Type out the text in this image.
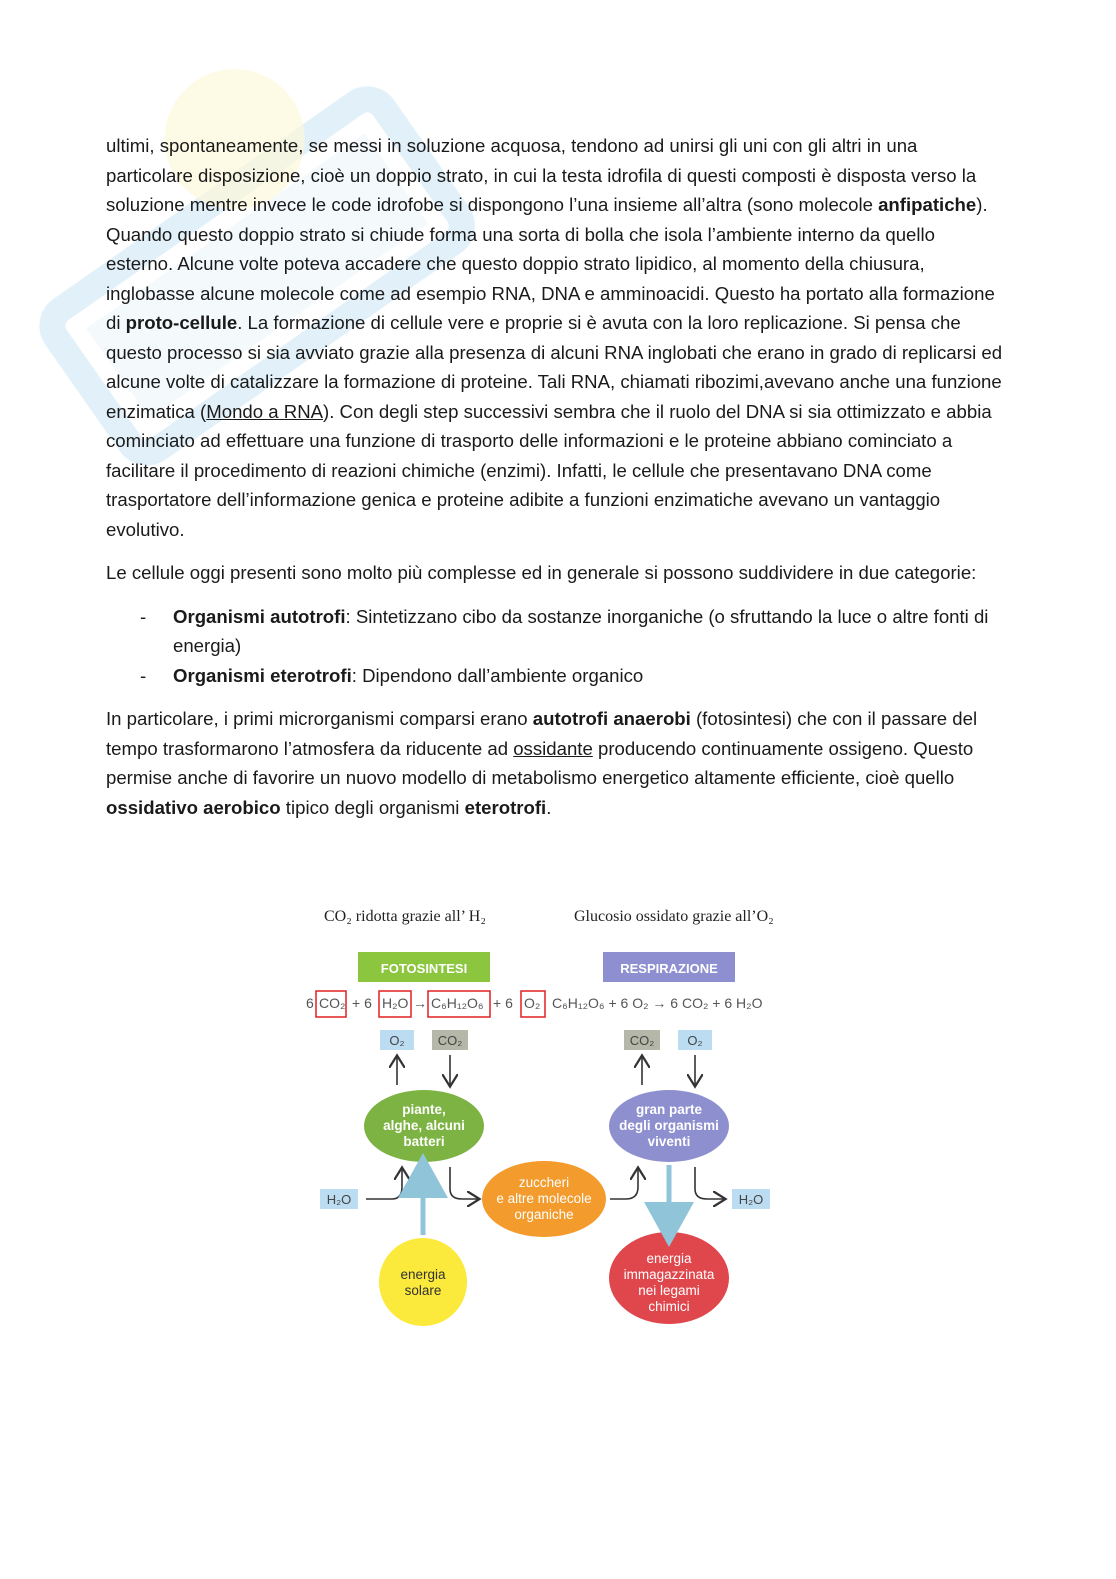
ultimi, spontaneamente, se messi in soluzione acquosa, tendono ad unirsi gli uni con gli altri in una particolare disposizione, cioè un doppio strato, in cui la testa idrofila di questi composti è disposta verso la soluzione mentre invece le code idrofobe si dispongono l’una insieme all’altra (sono molecole anfipatiche). Quando questo doppio strato si chiude forma una sorta di bolla che isola l’ambiente interno da quello esterno. Alcune volte poteva accadere che questo doppio strato lipidico, al momento della chiusura, inglobasse alcune molecole come ad esempio RNA, DNA e amminoacidi. Questo ha portato alla formazione di proto-cellule. La formazione di cellule vere e proprie si è avuta con la loro replicazione. Si pensa che questo processo si sia avviato grazie alla presenza di alcuni RNA inglobati che erano in grado di replicarsi ed alcune volte di catalizzare la formazione di proteine. Tali RNA, chiamati ribozimi,avevano anche una funzione enzimatica (Mondo a RNA). Con degli step successivi sembra che il ruolo del DNA si sia ottimizzato e abbia cominciato ad effettuare una funzione di trasporto delle informazioni e le proteine abbiano cominciato a facilitare il procedimento di reazioni chimiche (enzimi). Infatti, le cellule che presentavano DNA come trasportatore dell’informazione genica e proteine adibite a funzioni enzimatiche avevano un vantaggio evolutivo.

Le cellule oggi presenti sono molto più complesse ed in generale si possono suddividere in due categorie:

- Organismi autotrofi: Sintetizzano cibo da sostanze inorganiche (o sfruttando la luce o altre fonti di energia)
- Organismi eterotrofi: Dipendono dall’ambiente organico

In particolare, i primi microrganismi comparsi erano autotrofi anaerobi (fotosintesi) che con il passare del tempo trasformarono l’atmosfera da riducente ad ossidante producendo continuamente ossigeno. Questo permise anche di favorire un nuovo modello di metabolismo energetico altamente efficiente, cioè quello ossidativo aerobico tipico degli organismi eterotrofi.

CO₂ ridotta grazie all’ H₂	Glucosio ossidato grazie all’O₂
FOTOSINTESI	RESPIRAZIONE
6 CO₂ + 6 H₂O → C₆H₁₂O₆ + 6 O₂ C₆H₁₂O₆ + 6 O₂ → 6 CO₂ + 6 H₂O
O₂	CO₂	CO₂	O₂
piante,
alghe, alcuni
batteri
gran parte
degli organismi
viventi
zuccheri
e altre molecole
organiche
energia
solare
energia
immagazzinata
nei legami
chimici
H₂O	H₂O
